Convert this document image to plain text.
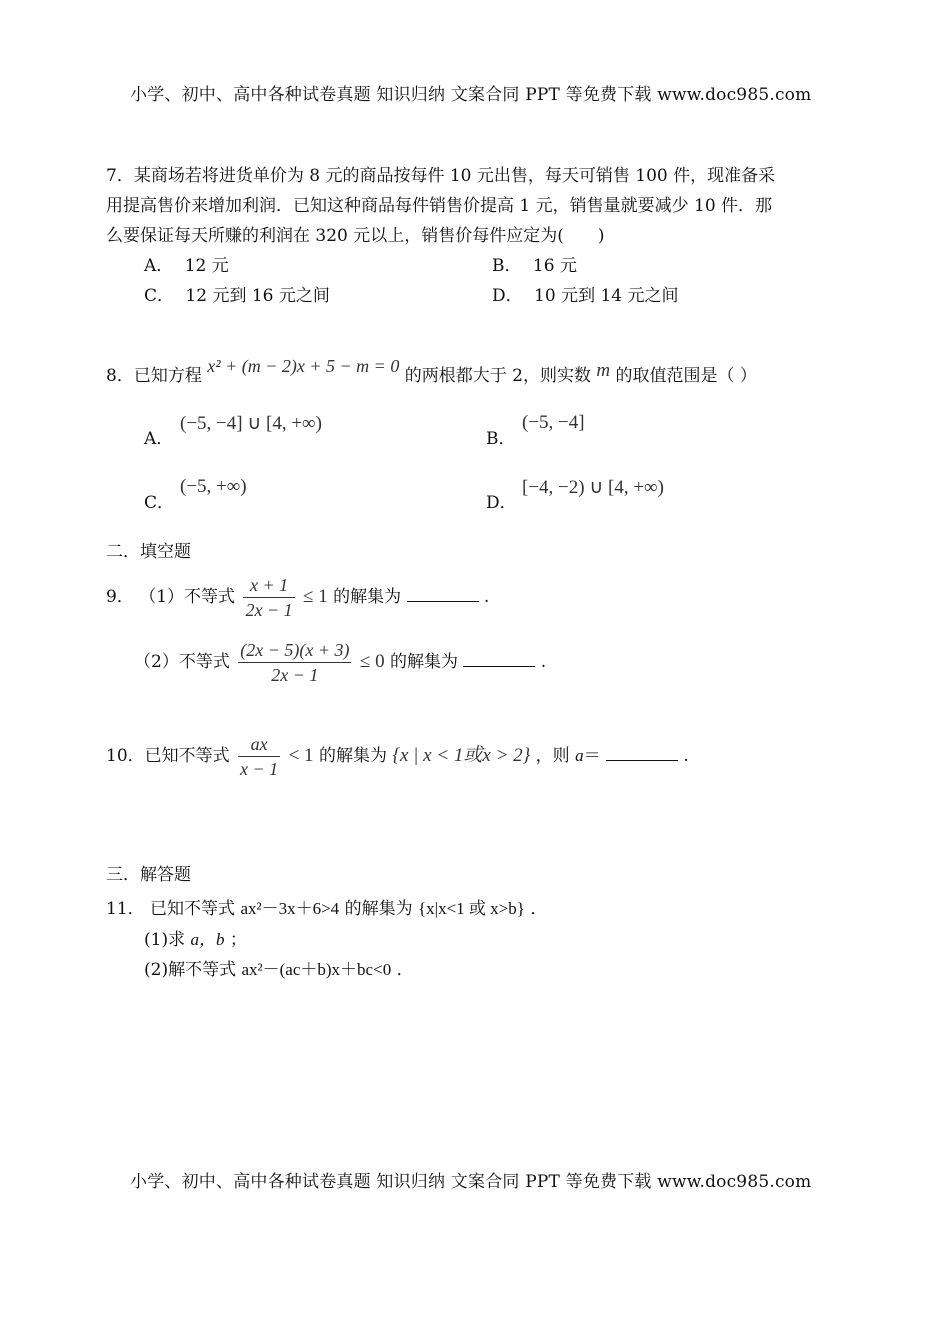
小学、初中、高中各种试卷真题 知识归纳 文案合同 PPT 等免费下载 www.doc985.com
7．某商场若将进货单价为 8 元的商品按每件 10 元出售，每天可销售 100 件，现准备采
用提高售价来增加利润．已知这种商品每件销售价提高 1 元，销售量就要减少 10 件．那
么要保证每天所赚的利润在 320 元以上，销售价每件应定为(　　)
A． 12 元	B． 16 元
C． 12 元到 16 元之间	D． 10 元到 14 元之间
8．已知方程 x² + (m − 2)x + 5 − m = 0 的两根都大于 2，则实数 m 的取值范围是（ ）
A．
(−5, −4] ∪ [4, +∞)
B．
(−5, −4]
C．
(−5, +∞)
D．
[−4, −2) ∪ [4, +∞)
二．填空题
9． （1）不等式 $\frac{x + 1}{2x - 1} \le 1$ 的解集为	.
（2）不等式 $\frac{(2x - 5)(x + 3)}{2x - 1} \le 0$ 的解集为	.
10．已知不等式 $\frac{ax}{x - 1} < 1$ 的解集为 {x | x < 1或x > 2} ，则 a＝	.
三．解答题
11． 已知不等式 ax²－3x＋6>4 的解集为 {x|x<1 或 x>b} ．
(1)求 a，b ；
(2)解不等式 ax²－(ac＋b)x＋bc<0 ．
小学、初中、高中各种试卷真题 知识归纳 文案合同 PPT 等免费下载 www.doc985.com
